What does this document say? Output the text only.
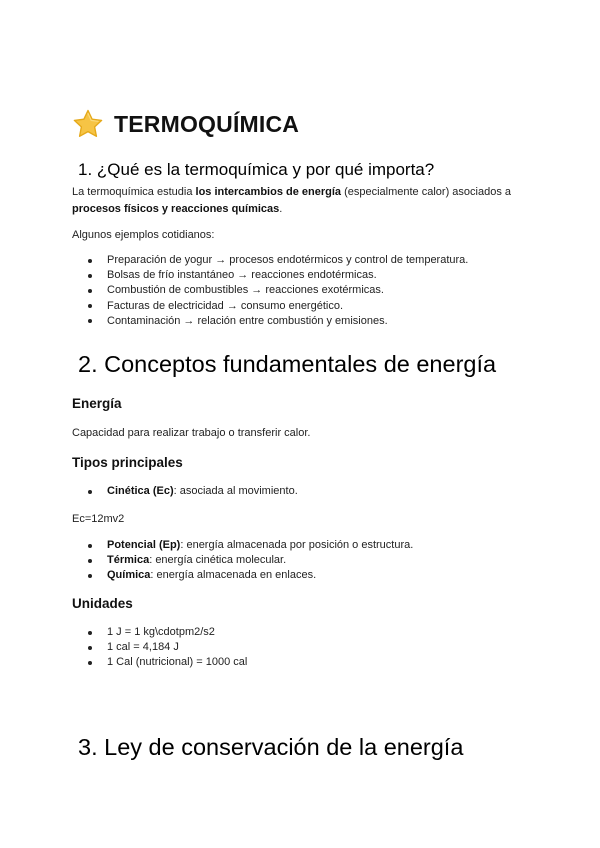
TERMOQUÍMICA
1. ¿Qué es la termoquímica y por qué importa?
La termoquímica estudia los intercambios de energía (especialmente calor) asociados a
procesos físicos y reacciones químicas.
Algunos ejemplos cotidianos:
Preparación de yogur → procesos endotérmicos y control de temperatura.
Bolsas de frío instantáneo → reacciones endotérmicas.
Combustión de combustibles → reacciones exotérmicas.
Facturas de electricidad → consumo energético.
Contaminación → relación entre combustión y emisiones.
2. Conceptos fundamentales de energía
Energía
Capacidad para realizar trabajo o transferir calor.
Tipos principales
Cinética (Ec): asociada al movimiento.
Ec=12mv2
Potencial (Ep): energía almacenada por posición o estructura.
Térmica: energía cinética molecular.
Química: energía almacenada en enlaces.
Unidades
1 J = 1 kg\cdotpm2/s2
1 cal = 4,184 J
1 Cal (nutricional) = 1000 cal
3. Ley de conservación de la energía
